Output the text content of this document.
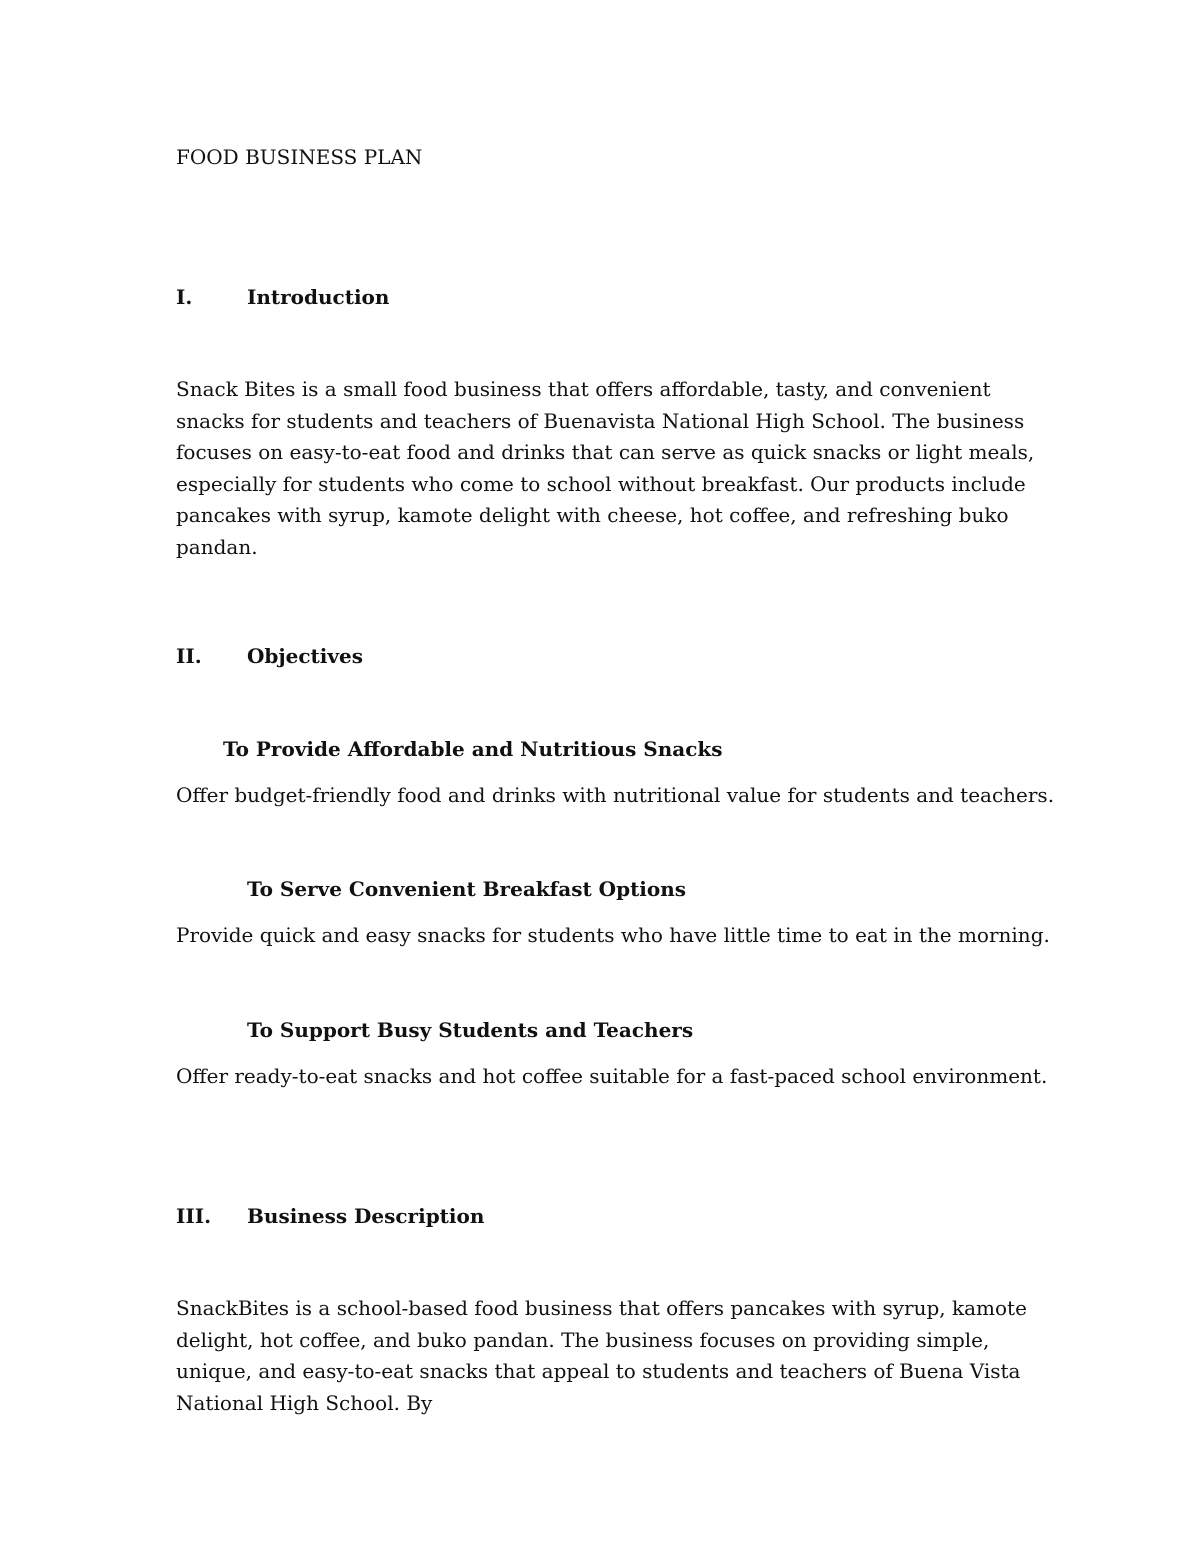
FOOD BUSINESS PLAN

I.	Introduction

Snack Bites is a small food business that offers affordable, tasty, and convenient snacks for students and teachers of Buenavista National High School. The business focuses on easy-to-eat food and drinks that can serve as quick snacks or light meals, especially for students who come to school without breakfast. Our products include pancakes with syrup, kamote delight with cheese, hot coffee, and refreshing buko pandan.

II. Objectives

To Provide Affordable and Nutritious Snacks

Offer budget-friendly food and drinks with nutritional value for students and teachers.

To Serve Convenient Breakfast Options

Provide quick and easy snacks for students who have little time to eat in the morning.

To Support Busy Students and Teachers

Offer ready-to-eat snacks and hot coffee suitable for a fast-paced school environment.

III. Business Description

SnackBites is a school-based food business that offers pancakes with syrup, kamote delight, hot coffee, and buko pandan. The business focuses on providing simple, unique, and easy-to-eat snacks that appeal to students and teachers of Buena Vista National High School. By
